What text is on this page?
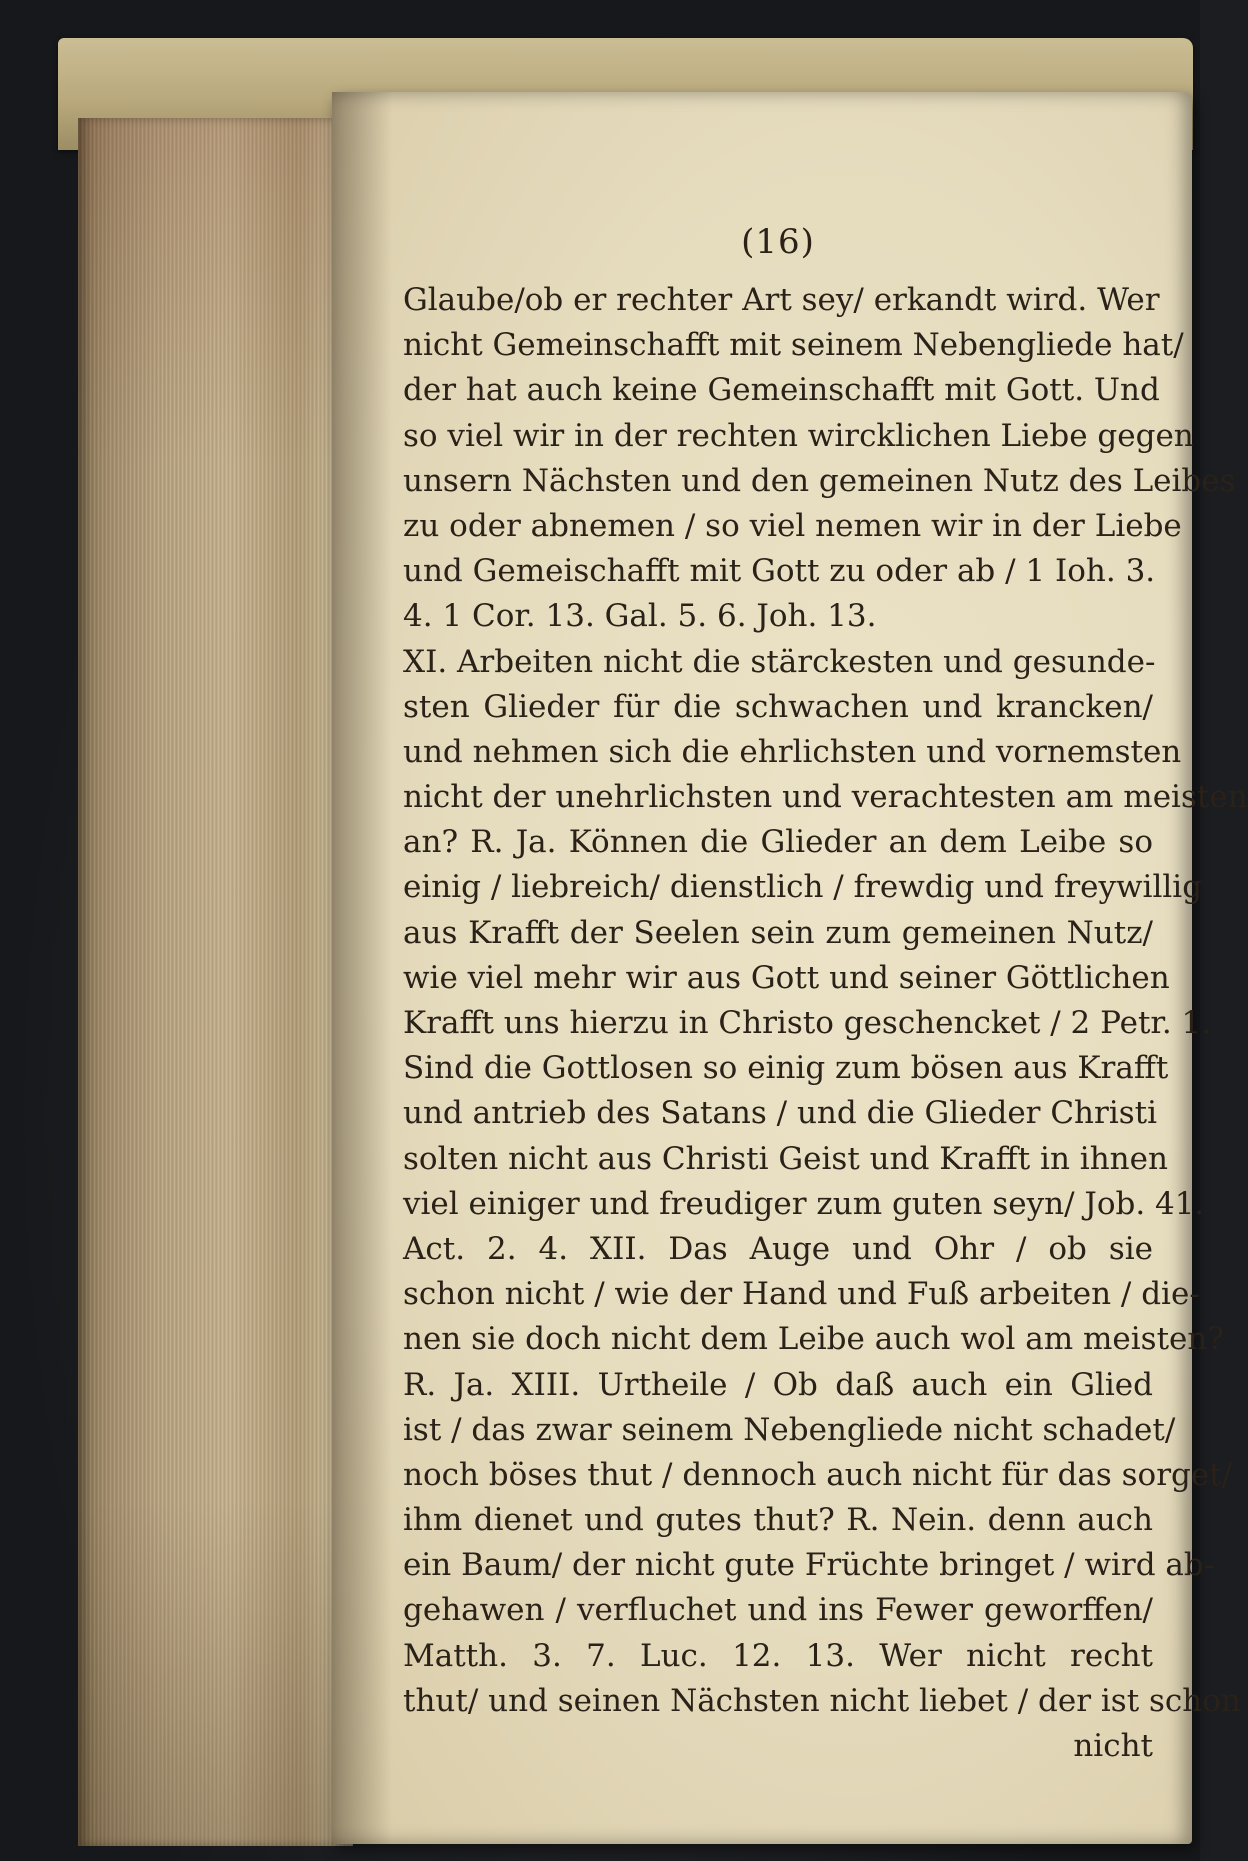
(16)
Glaube/ob er rechter Art sey/ erkandt wird. Wer
nicht Gemeinschafft mit seinem Nebengliede hat/
der hat auch keine Gemeinschafft mit Gott. Und
so viel wir in der rechten wircklichen Liebe gegen
unsern Nächsten und den gemeinen Nutz des Leibes
zu oder abnemen / so viel nemen wir in der Liebe
und Gemeischafft mit Gott zu oder ab / 1 Ioh. 3.
4. 1 Cor. 13. Gal. 5. 6. Joh. 13.
XI. Arbeiten nicht die stärckesten und gesunde-
sten Glieder für die schwachen und krancken/
und nehmen sich die ehrlichsten und vornemsten
nicht der unehrlichsten und verachtesten am meisten
an? R. Ja. Können die Glieder an dem Leibe so
einig / liebreich/ dienstlich / frewdig und freywillig
aus Krafft der Seelen sein zum gemeinen Nutz/
wie viel mehr wir aus Gott und seiner Göttlichen
Krafft uns hierzu in Christo geschencket / 2 Petr. 1.
Sind die Gottlosen so einig zum bösen aus Krafft
und antrieb des Satans / und die Glieder Christi
solten nicht aus Christi Geist und Krafft in ihnen
viel einiger und freudiger zum guten seyn/ Job. 41.
Act. 2. 4. XII. Das Auge und Ohr / ob sie
schon nicht / wie der Hand und Fuß arbeiten / die-
nen sie doch nicht dem Leibe auch wol am meisten?
R. Ja. XIII. Urtheile / Ob daß auch ein Glied
ist / das zwar seinem Nebengliede nicht schadet/
noch böses thut / dennoch auch nicht für das sorget/
ihm dienet und gutes thut? R. Nein. denn auch
ein Baum/ der nicht gute Früchte bringet / wird ab-
gehawen / verfluchet und ins Fewer geworffen/
Matth. 3. 7. Luc. 12. 13. Wer nicht recht
thut/ und seinen Nächsten nicht liebet / der ist schon
nicht
